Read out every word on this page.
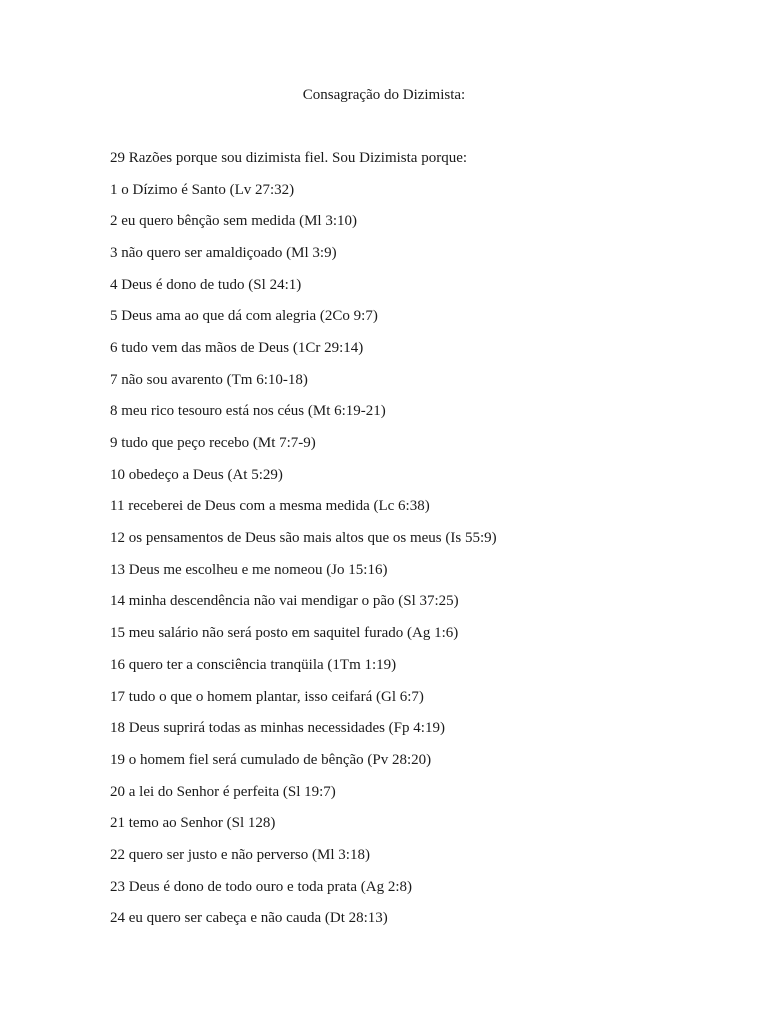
Consagração do Dizimista:

29 Razões porque sou dizimista fiel. Sou Dizimista porque:

1 o Dízimo é Santo (Lv 27:32)
2 eu quero bênção sem medida (Ml 3:10)
3 não quero ser amaldiçoado (Ml 3:9)
4 Deus é dono de tudo (Sl 24:1)
5 Deus ama ao que dá com alegria (2Co 9:7)
6 tudo vem das mãos de Deus (1Cr 29:14)
7 não sou avarento (Tm 6:10-18)
8 meu rico tesouro está nos céus (Mt 6:19-21)
9 tudo que peço recebo (Mt 7:7-9)
10 obedeço a Deus (At 5:29)
11 receberei de Deus com a mesma medida (Lc 6:38)
12 os pensamentos de Deus são mais altos que os meus (Is 55:9)
13 Deus me escolheu e me nomeou (Jo 15:16)
14 minha descendência não vai mendigar o pão (Sl 37:25)
15 meu salário não será posto em saquitel furado (Ag 1:6)
16 quero ter a consciência tranqüila (1Tm 1:19)
17 tudo o que o homem plantar, isso ceifará (Gl 6:7)
18 Deus suprirá todas as minhas necessidades (Fp 4:19)
19 o homem fiel será cumulado de bênção (Pv 28:20)
20 a lei do Senhor é perfeita (Sl 19:7)
21 temo ao Senhor (Sl 128)
22 quero ser justo e não perverso (Ml 3:18)
23 Deus é dono de todo ouro e toda prata (Ag 2:8)
24 eu quero ser cabeça e não cauda (Dt 28:13)
